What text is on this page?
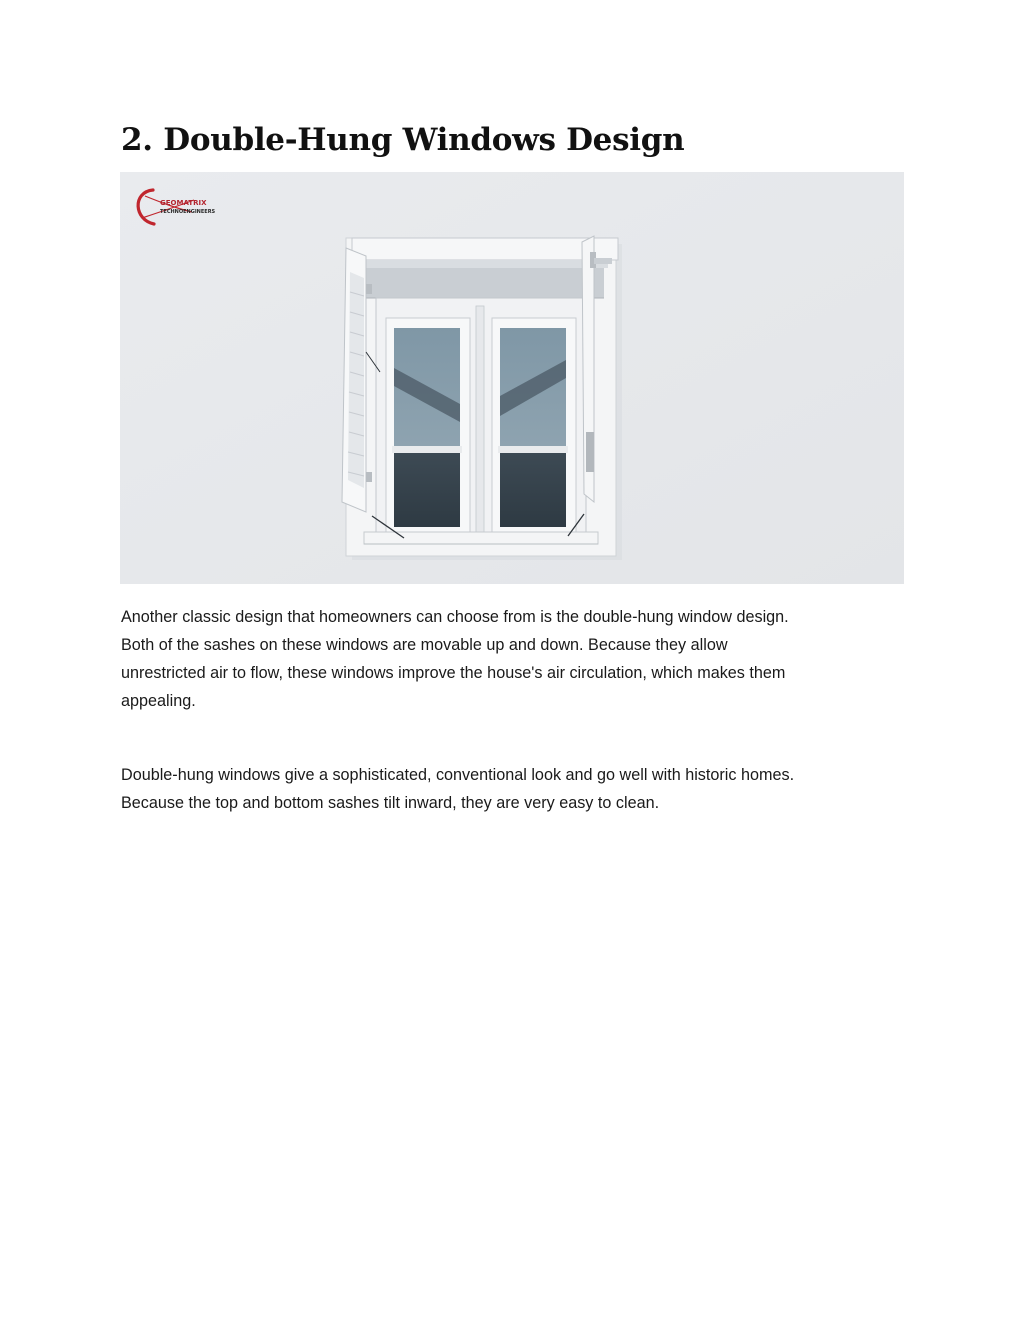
2. Double-Hung Windows Design
GEOMATRIX
TECHNOENGINEERS

Another classic design that homeowners can choose from is the double-hung window design.
Both of the sashes on these windows are movable up and down. Because they allow
unrestricted air to flow, these windows improve the house's air circulation, which makes them
appealing.

Double-hung windows give a sophisticated, conventional look and go well with historic homes.
Because the top and bottom sashes tilt inward, they are very easy to clean.
